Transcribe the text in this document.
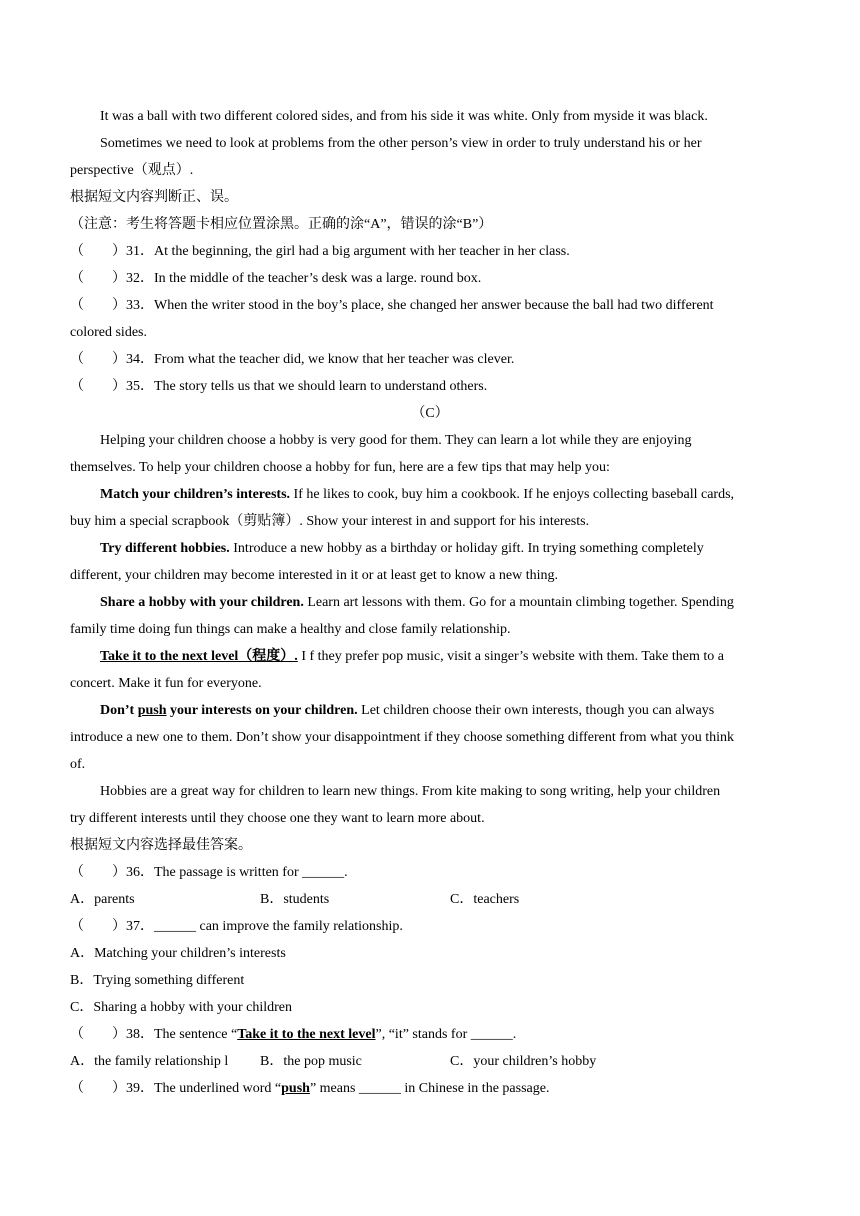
It was a ball with two different colored sides, and from his side it was white. Only from myside it was black.
Sometimes we need to look at problems from the other person’s view in order to truly understand his or her
perspective（观点）.
根据短文内容判断正、误。
（注意：考生将答题卡相应位置涂黑。正确的涂“A”，错误的涂“B”）
（　　）31．At the beginning, the girl had a big argument with her teacher in her class.
（　　）32．In the middle of the teacher’s desk was a large. round box.
（　　）33．When the writer stood in the boy’s place, she changed her answer because the ball had two different
colored sides.
（　　）34．From what the teacher did, we know that her teacher was clever.
（　　）35．The story tells us that we should learn to understand others.
（C）
Helping your children choose a hobby is very good for them. They can learn a lot while they are enjoying
themselves. To help your children choose a hobby for fun, here are a few tips that may help you:
Match your children’s interests. If he likes to cook, buy him a cookbook. If he enjoys collecting baseball cards,
buy him a special scrapbook（剪贴簿）. Show your interest in and support for his interests.
Try different hobbies. Introduce a new hobby as a birthday or holiday gift. In trying something completely
different, your children may become interested in it or at least get to know a new thing.
Share a hobby with your children. Learn art lessons with them. Go for a mountain climbing together. Spending
family time doing fun things can make a healthy and close family relationship.
Take it to the next level（程度）. I f they prefer pop music, visit a singer’s website with them. Take them to a
concert. Make it fun for everyone.
Don’t push your interests on your children. Let children choose their own interests, though you can always
introduce a new one to them. Don’t show your disappointment if they choose something different from what you think
of.
Hobbies are a great way for children to learn new things. From kite making to song writing, help your children
try different interests until they choose one they want to learn more about.
根据短文内容选择最佳答案。
（　　）36．The passage is written for ______.
A．parents	B．students	C．teachers
（　　）37．______ can improve the family relationship.
A．Matching your children’s interests
B．Trying something different
C．Sharing a hobby with your children
（　　）38．The sentence “Take it to the next level”, “it” stands for ______.
A．the family relationship l B．the pop music	C．your children’s hobby
（　　）39．The underlined word “push” means ______ in Chinese in the passage.
